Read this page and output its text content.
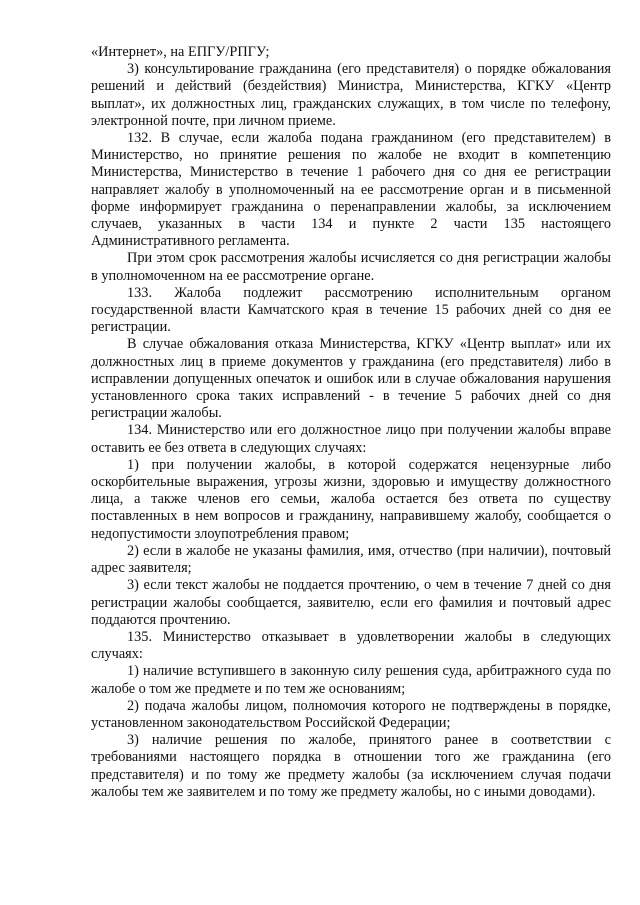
«Интернет», на ЕПГУ/РПГУ;

3) консультирование гражданина (его представителя) о порядке обжалования решений и действий (бездействия) Министра, Министерства, КГКУ «Центр выплат», их должностных лиц, гражданских служащих, в том числе по телефону, электронной почте, при личном приеме.

132. В случае, если жалоба подана гражданином (его представителем) в Министерство, но принятие решения по жалобе не входит в компетенцию Министерства, Министерство в течение 1 рабочего дня со дня ее регистрации направляет жалобу в уполномоченный на ее рассмотрение орган и в письменной форме информирует гражданина о перенаправлении жалобы, за исключением случаев, указанных в части 134 и пункте 2 части 135 настоящего Административного регламента.

При этом срок рассмотрения жалобы исчисляется со дня регистрации жалобы в уполномоченном на ее рассмотрение органе.

133. Жалоба подлежит рассмотрению исполнительным органом государственной власти Камчатского края в течение 15 рабочих дней со дня ее регистрации.

В случае обжалования отказа Министерства, КГКУ «Центр выплат» или их должностных лиц в приеме документов у гражданина (его представителя) либо в исправлении допущенных опечаток и ошибок или в случае обжалования нарушения установленного срока таких исправлений - в течение 5 рабочих дней со дня регистрации жалобы.

134. Министерство или его должностное лицо при получении жалобы вправе оставить ее без ответа в следующих случаях:

1) при получении жалобы, в которой содержатся нецензурные либо оскорбительные выражения, угрозы жизни, здоровью и имуществу должностного лица, а также членов его семьи, жалоба остается без ответа по существу поставленных в нем вопросов и гражданину, направившему жалобу, сообщается о недопустимости злоупотребления правом;

2) если в жалобе не указаны фамилия, имя, отчество (при наличии), почтовый адрес заявителя;

3) если текст жалобы не поддается прочтению, о чем в течение 7 дней со дня регистрации жалобы сообщается, заявителю, если его фамилия и почтовый адрес поддаются прочтению.

135. Министерство отказывает в удовлетворении жалобы в следующих случаях:

1) наличие вступившего в законную силу решения суда, арбитражного суда по жалобе о том же предмете и по тем же основаниям;

2) подача жалобы лицом, полномочия которого не подтверждены в порядке, установленном законодательством Российской Федерации;

3) наличие решения по жалобе, принятого ранее в соответствии с требованиями настоящего порядка в отношении того же гражданина (его представителя) и по тому же предмету жалобы (за исключением случая подачи жалобы тем же заявителем и по тому же предмету жалобы, но с иными доводами).
